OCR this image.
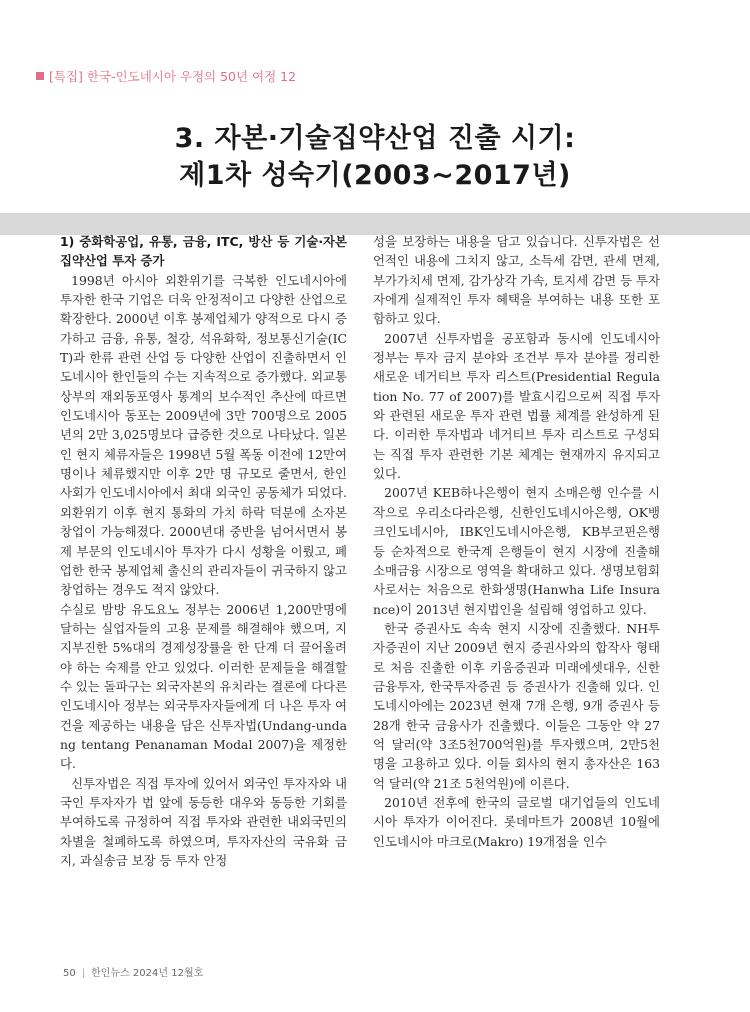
[특집] 한국-인도네시아 우정의 50년 여정 12
3. 자본·기술집약산업 진출 시기:
제1차 성숙기(2003~2017년)
1) 중화학공업, 유통, 금융, ITC, 방산 등 기술·자본집약산업 투자 증가

1998년 아시아 외환위기를 극복한 인도네시아에 투자한 한국 기업은 더욱 안정적이고 다양한 산업으로 확장한다. 2000년 이후 봉제업체가 양적으로 다시 증가하고 금융, 유통, 철강, 석유화학, 정보통신기술(ICT)과 한류 관련 산업 등 다양한 산업이 진출하면서 인도네시아 한인들의 수는 지속적으로 증가했다. 외교통상부의 재외동포영사 통계의 보수적인 추산에 따르면 인도네시아 동포는 2009년에 3만 700명으로 2005년의 2만 3,025명보다 급증한 것으로 나타났다. 일본인 현지 체류자들은 1998년 5월 폭동 이전에 12만여 명이나 체류했지만 이후 2만 명 규모로 줄면서, 한인사회가 인도네시아에서 최대 외국인 공동체가 되었다. 외환위기 이후 현지 통화의 가치 하락 덕분에 소자본 창업이 가능해졌다. 2000년대 중반을 넘어서면서 봉제 부문의 인도네시아 투자가 다시 성황을 이뤘고, 폐업한 한국 봉제업체 출신의 관리자들이 귀국하지 않고 창업하는 경우도 적지 않았다.

수실로 밤방 유도요노 정부는 2006년 1,200만명에 달하는 실업자들의 고용 문제를 해결해야 했으며, 지지부진한 5%대의 경제성장률을 한 단계 더 끌어올려야 하는 숙제를 안고 있었다. 이러한 문제들을 해결할 수 있는 돌파구는 외국자본의 유치라는 결론에 다다른 인도네시아 정부는 외국투자자들에게 더 나은 투자 여건을 제공하는 내용을 담은 신투자법(Undang-undang tentang Penanaman Modal 2007)을 제정한다.

신투자법은 직접 투자에 있어서 외국인 투자자와 내국인 투자자가 법 앞에 동등한 대우와 동등한 기회를 부여하도록 규정하여 직접 투자와 관련한 내외국민의 차별을 철폐하도록 하였으며, 투자자산의 국유화 금지, 과실송금 보장 등 투자 안정

성을 보장하는 내용을 담고 있습니다. 신투자법은 선언적인 내용에 그치지 않고, 소득세 감면, 관세 면제, 부가가치세 면제, 감가상각 가속, 토지세 감면 등 투자자에게 실제적인 투자 혜택을 부여하는 내용 또한 포함하고 있다.

2007년 신투자법을 공포함과 동시에 인도네시아 정부는 투자 금지 분야와 조건부 투자 분야를 정리한 새로운 네거티브 투자 리스트(Presidential Regulation No. 77 of 2007)를 발효시킴으로써 직접 투자와 관련된 새로운 투자 관련 법률 체계를 완성하게 된다. 이러한 투자법과 네거티브 투자 리스트로 구성되는 직접 투자 관련한 기본 체계는 현재까지 유지되고 있다.

2007년 KEB하나은행이 현지 소매은행 인수를 시작으로 우리소다라은행, 신한인도네시아은행, OK뱅크인도네시아, IBK인도네시아은행, KB부코핀은행 등 순차적으로 한국계 은행들이 현지 시장에 진출해 소매금융 시장으로 영역을 확대하고 있다. 생명보험회사로서는 처음으로 한화생명(Hanwha Life Insurance)이 2013년 현지법인을 설립해 영업하고 있다.

한국 증권사도 속속 현지 시장에 진출했다. NH투자증권이 지난 2009년 현지 증권사와의 합작사 형태로 처음 진출한 이후 키움증권과 미래에셋대우, 신한금융투자, 한국투자증권 등 증권사가 진출해 있다. 인도네시아에는 2023년 현재 7개 은행, 9개 증권사 등 28개 한국 금융사가 진출했다. 이들은 그동안 약 27억 달러(약 3조5천700억원)를 투자했으며, 2만5천명을 고용하고 있다. 이들 회사의 현지 총자산은 163억 달러(약 21조 5천억원)에 이른다.

2010년 전후에 한국의 글로벌 대기업들의 인도네시아 투자가 이어진다. 롯데마트가 2008년 10월에 인도네시아 마크로(Makro) 19개점을 인수

50 | 한인뉴스 2024년 12월호
